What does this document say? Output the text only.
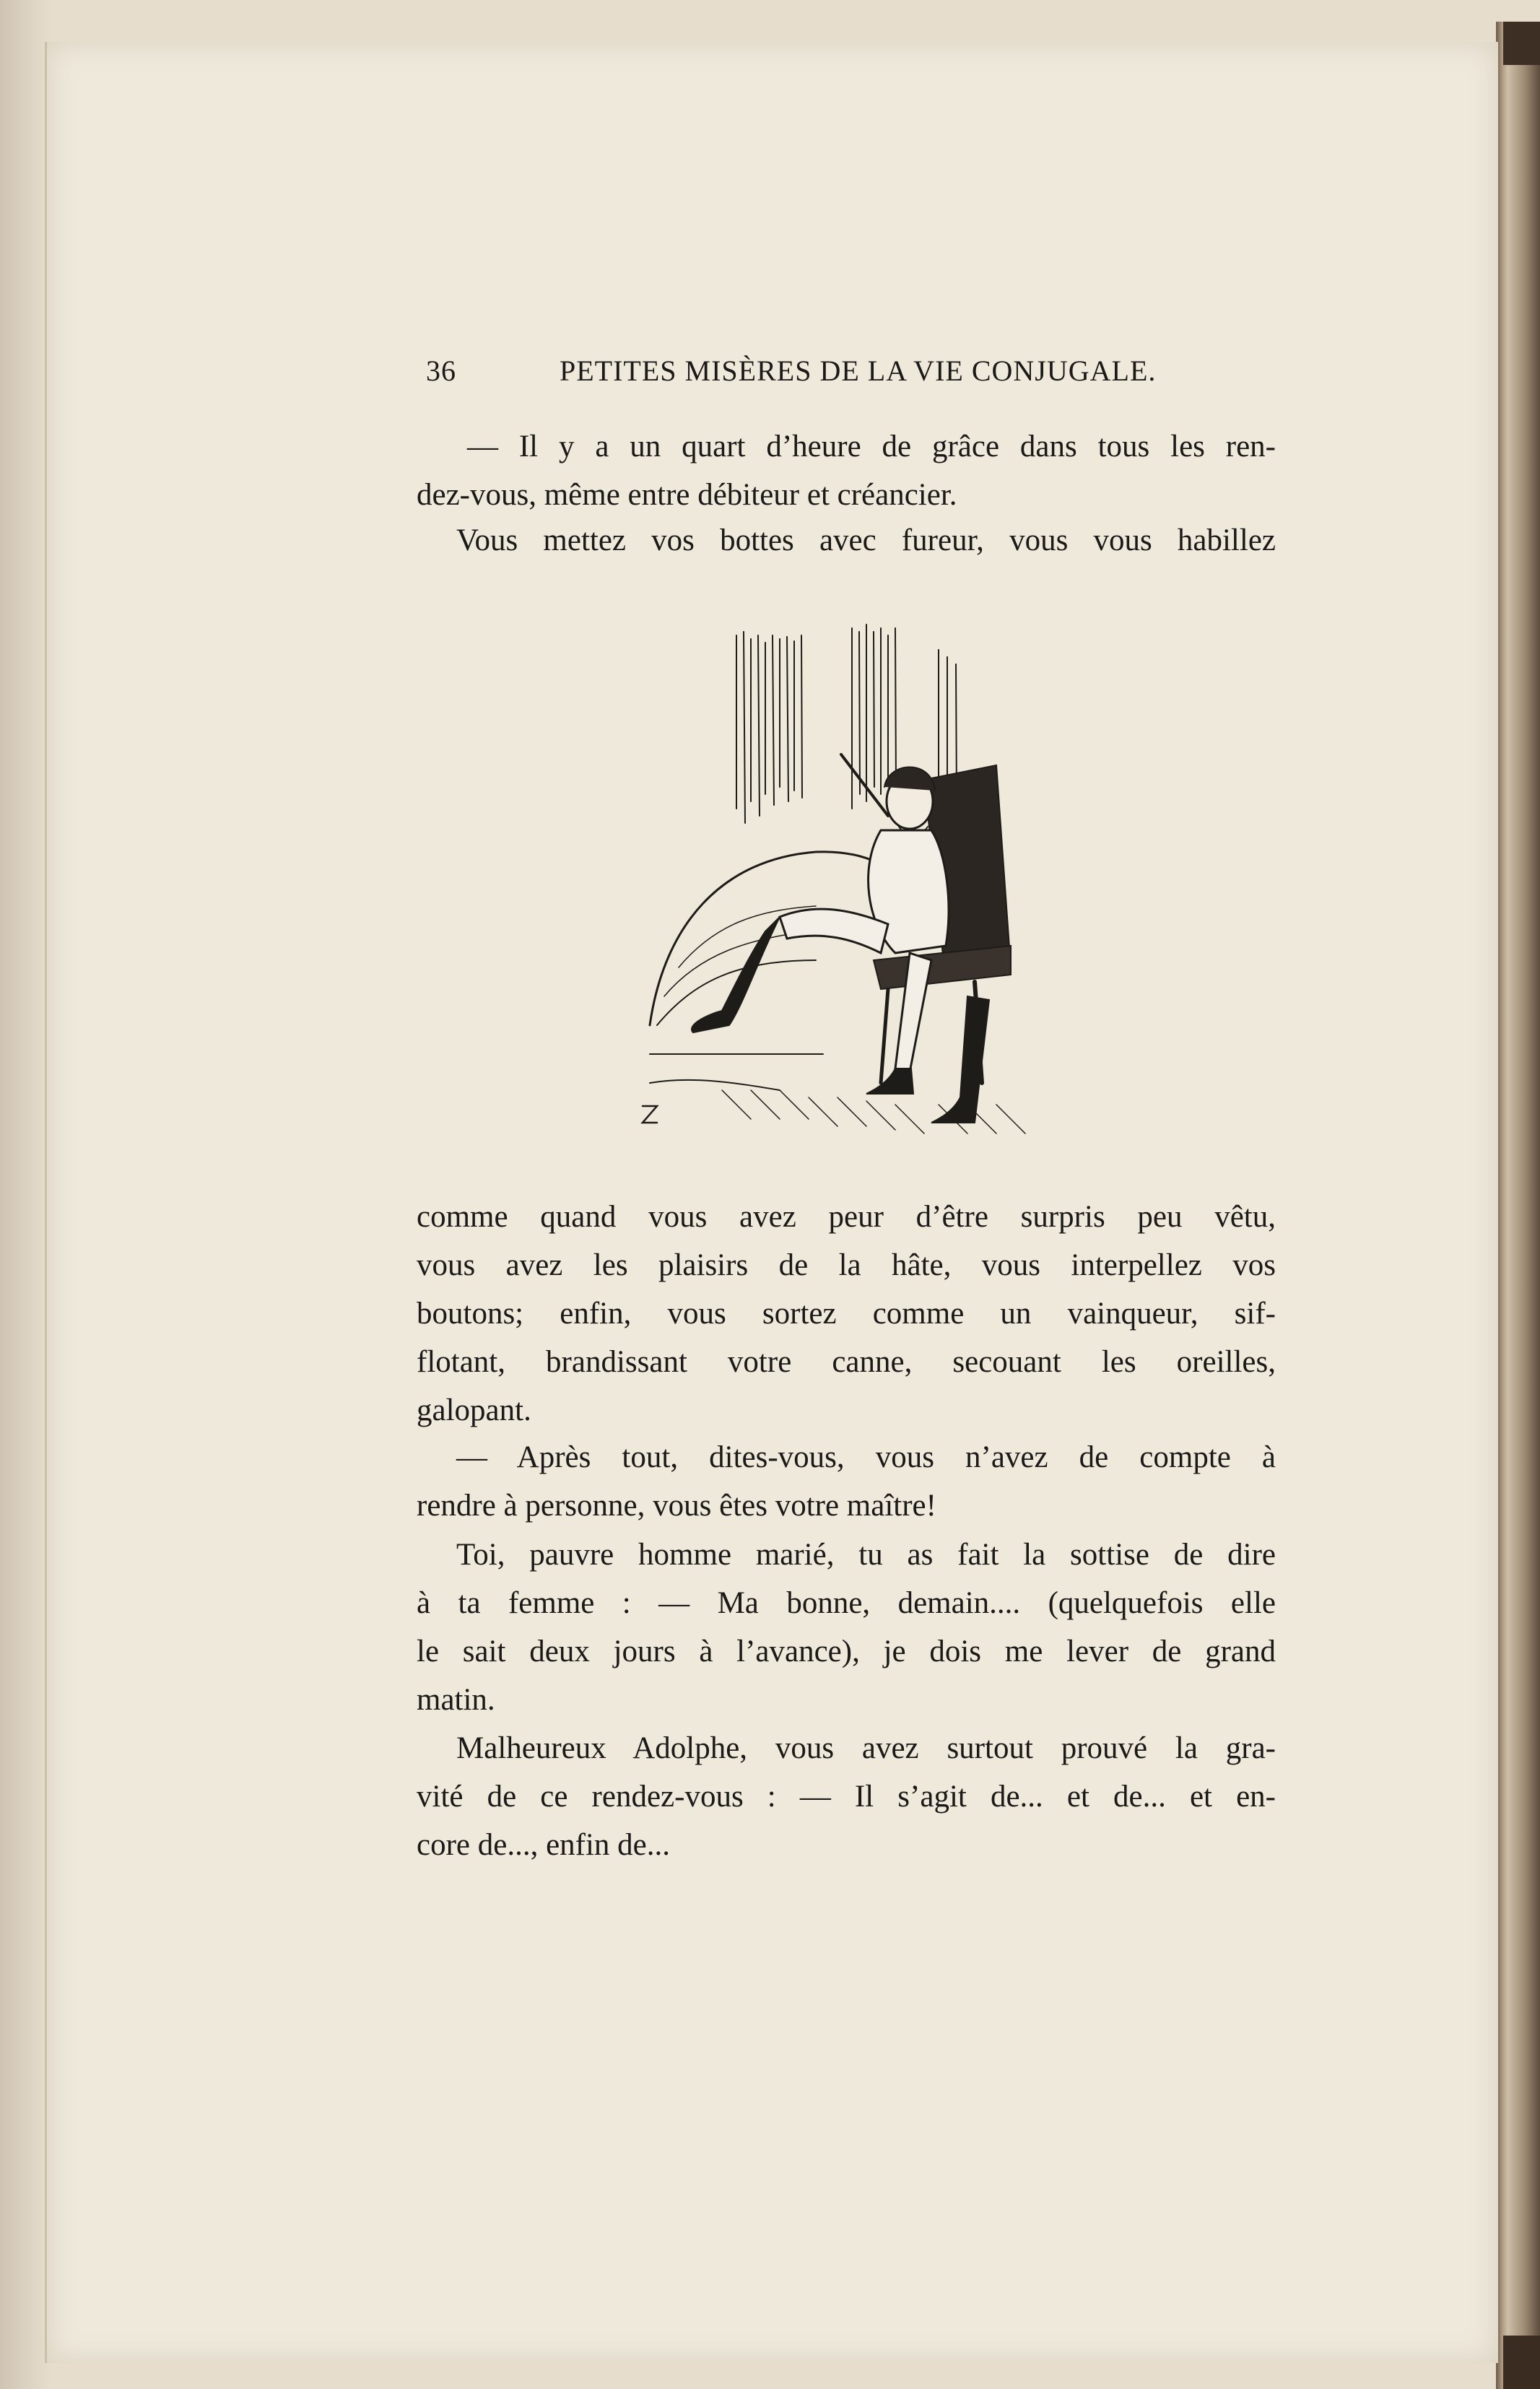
36	PETITES MISÈRES DE LA VIE CONJUGALE.
— Il y a un quart d’heure de grâce dans tous les ren-
dez-vous, même entre débiteur et créancier.
Vous mettez vos bottes avec fureur, vous vous habillez
comme quand vous avez peur d’être surpris peu vêtu,
vous avez les plaisirs de la hâte, vous interpellez vos
boutons; enfin, vous sortez comme un vainqueur, sif-
flotant, brandissant votre canne, secouant les oreilles,
galopant.
— Après tout, dites-vous, vous n’avez de compte à
rendre à personne, vous êtes votre maître!
Toi, pauvre homme marié, tu as fait la sottise de dire
à ta femme : — Ma bonne, demain.... (quelquefois elle
le sait deux jours à l’avance), je dois me lever de grand
matin.
Malheureux Adolphe, vous avez surtout prouvé la gra-
vité de ce rendez-vous : — Il s’agit de... et de... et en-
core de..., enfin de...
